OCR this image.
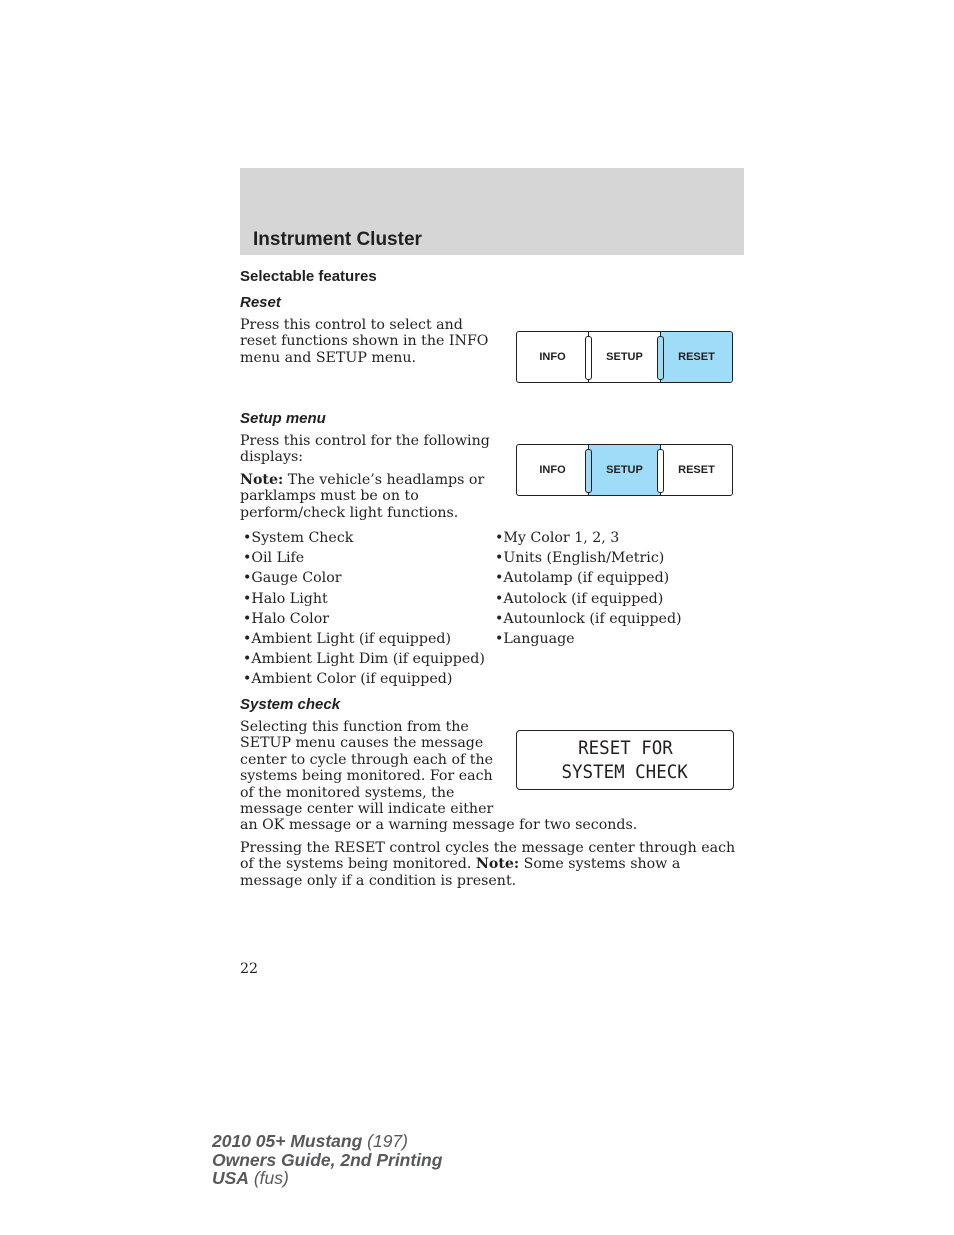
Instrument Cluster
Selectable features
Reset
Press this control to select and reset functions shown in the INFO menu and SETUP menu.	INFO	SETUP	RESET
Setup menu
Press this control for the following displays:
Note: The vehicle’s headlamps or parklamps must be on to perform/check light functions.
INFO	SETUP	RESET
•System Check
•Oil Life
•Gauge Color
•Halo Light
•Halo Color
•Ambient Light (if equipped)
•Ambient Light Dim (if equipped)
•Ambient Color (if equipped)
•My Color 1, 2, 3
•Units (English/Metric)
•Autolamp (if equipped)
•Autolock (if equipped)
•Autounlock (if equipped)
•Language
System check
Selecting this function from the
SETUP menu causes the message
center to cycle through each of the
systems being monitored. For each
of the monitored systems, the
message center will indicate either
an OK message or a warning message for two seconds.
RESET FOR
SYSTEM CHECK
Pressing the RESET control cycles the message center through each of the systems being monitored. Note: Some systems show a message only if a condition is present.
22
2010 05+ Mustang (197)
Owners Guide, 2nd Printing
USA (fus)
